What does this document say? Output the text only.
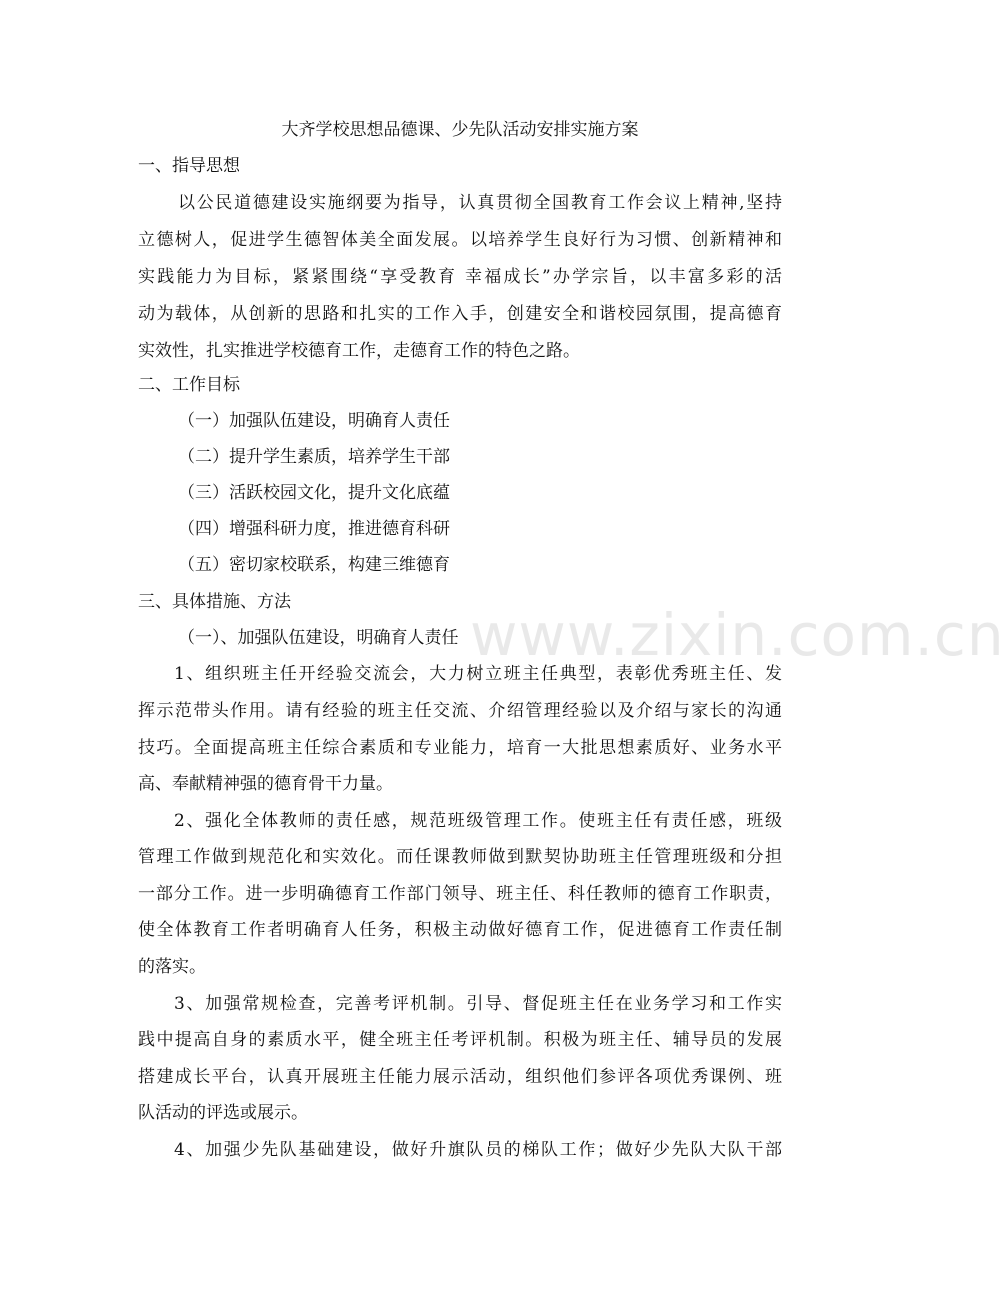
大齐学校思想品德课、少先队活动安排实施方案
一、指导思想
以公民道德建设实施纲要为指导，认真贯彻全国教育工作会议上精神,坚持
立德树人，促进学生德智体美全面发展。以培养学生良好行为习惯、创新精神和
实践能力为目标，紧紧围绕“享受教育 幸福成长”办学宗旨，以丰富多彩的活
动为载体，从创新的思路和扎实的工作入手，创建安全和谐校园氛围，提高德育
实效性，扎实推进学校德育工作，走德育工作的特色之路。
二、工作目标
（一）加强队伍建设，明确育人责任
（二）提升学生素质，培养学生干部
（三）活跃校园文化，提升文化底蕴
（四）增强科研力度，推进德育科研
（五）密切家校联系，构建三维德育
三、具体措施、方法
（一）、加强队伍建设，明确育人责任
1、组织班主任开经验交流会，大力树立班主任典型，表彰优秀班主任、发
挥示范带头作用。请有经验的班主任交流、介绍管理经验以及介绍与家长的沟通
技巧。全面提高班主任综合素质和专业能力，培育一大批思想素质好、业务水平
高、奉献精神强的德育骨干力量。
2、强化全体教师的责任感，规范班级管理工作。使班主任有责任感，班级
管理工作做到规范化和实效化。而任课教师做到默契协助班主任管理班级和分担
一部分工作。进一步明确德育工作部门领导、班主任、科任教师的德育工作职责，
使全体教育工作者明确育人任务，积极主动做好德育工作，促进德育工作责任制
的落实。
3、加强常规检查，完善考评机制。引导、督促班主任在业务学习和工作实
践中提高自身的素质水平，健全班主任考评机制。积极为班主任、辅导员的发展
搭建成长平台，认真开展班主任能力展示活动，组织他们参评各项优秀课例、班
队活动的评选或展示。
4、加强少先队基础建设，做好升旗队员的梯队工作；做好少先队大队干部
www.zixin.com.cn
